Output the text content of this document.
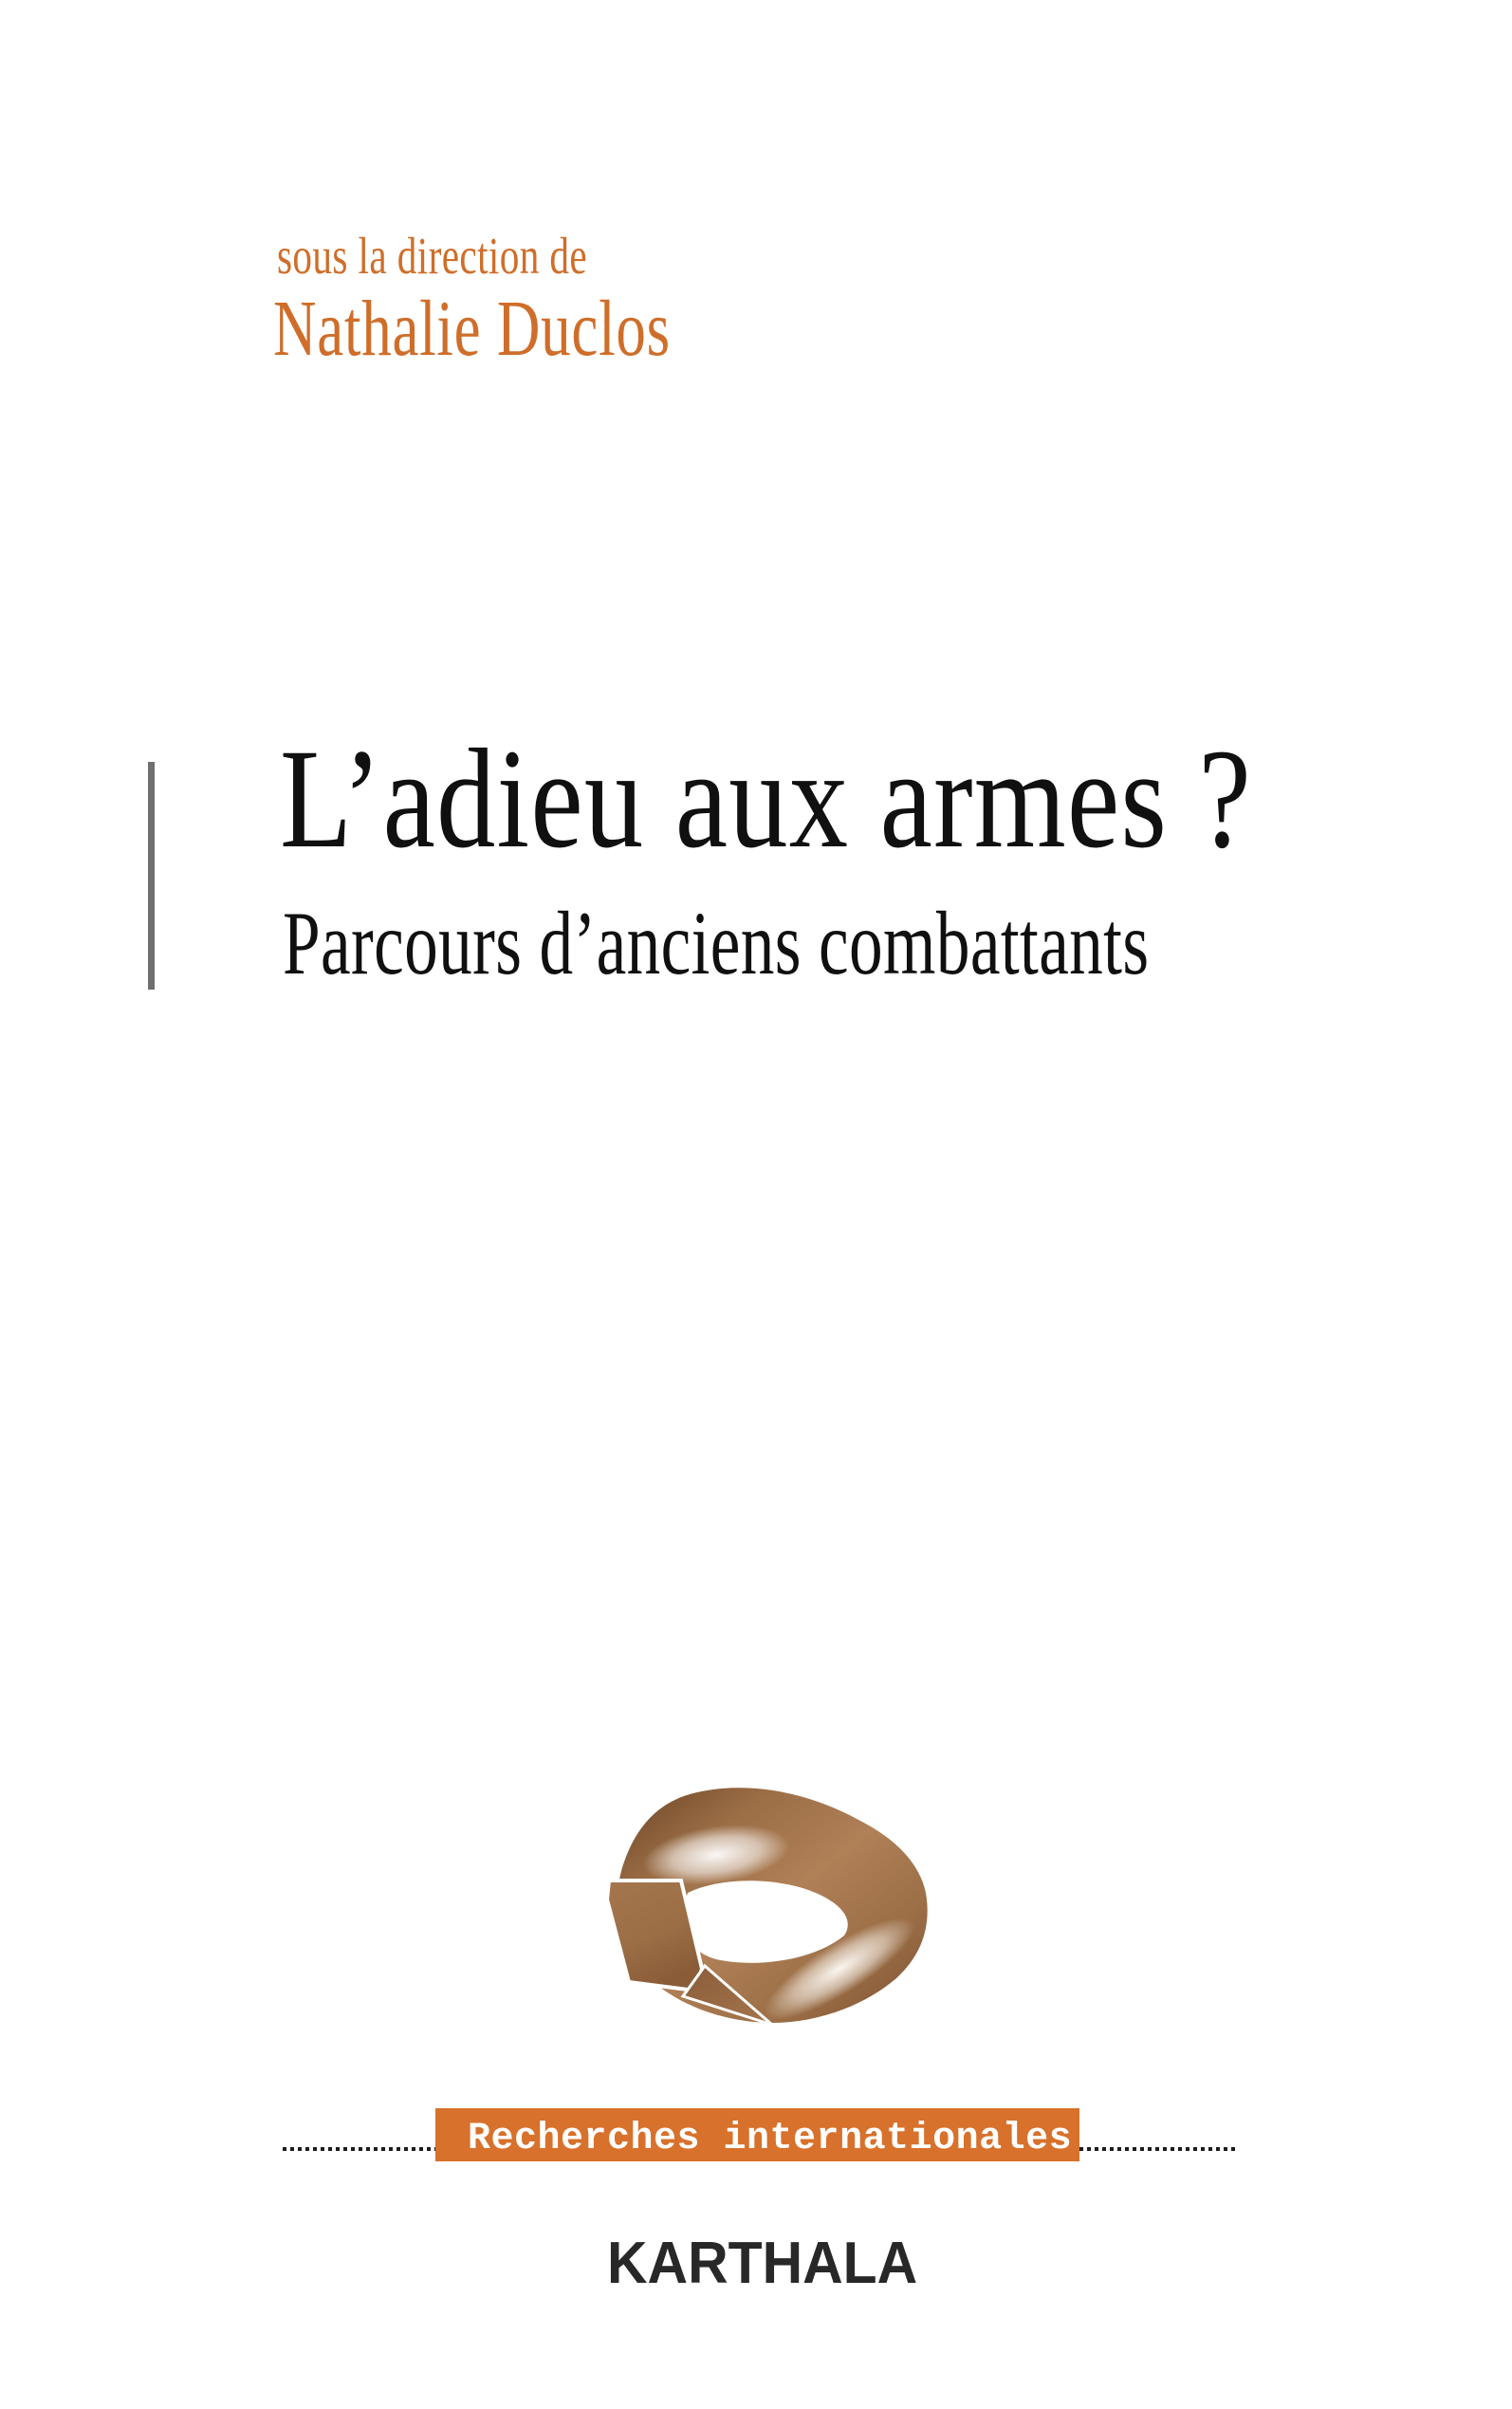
sous la direction de
Nathalie Duclos
L’adieu aux armes ?
Parcours d’anciens combattants
Recherches internationales
KARTHALA
